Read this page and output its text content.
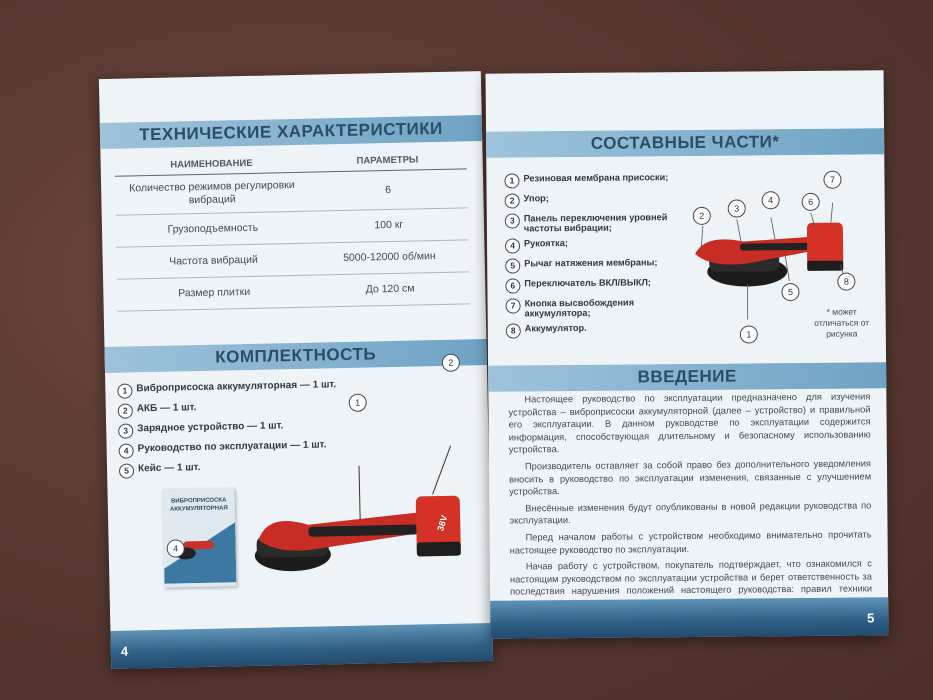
ТЕХНИЧЕСКИЕ ХАРАКТЕРИСТИКИ
НАИМЕНОВАНИЕ	ПАРАМЕТРЫ
Количество режимов регулировки вибраций	6
Грузоподъемность	100 кг
Частота вибраций	5000-12000 об/мин
Размер плитки	До 120 см
КОМПЛЕКТНОСТЬ
1 Виброприсоска аккумуляторная — 1 шт.
2 АКБ — 1 шт.
3 Зарядное устройство — 1 шт.
4 Руководство по эксплуатации — 1 шт.
5 Кейс — 1 шт.
ВИБРОПРИСОСКА АККУМУЛЯТОРНАЯ
4
38V
1
2
4
СОСТАВНЫЕ ЧАСТИ*
1 Резиновая мембрана присоски;
2 Упор;
3 Панель переключения уровней частоты вибрации;
4 Рукоятка;
5 Рычаг натяжения мембраны;
6 Переключатель ВКЛ/ВЫКЛ;
7 Кнопка высвобождения аккумулятора;
8 Аккумулятор.
7
2
3
4	6
5
8
1
* может отличаться от рисунка
ВВЕДЕНИЕ

Настоящее руководство по эксплуатации предназначено для изучения устройства – виброприсоски аккумуляторной (далее – устройство) и правильной его эксплуатации. В данном руководстве по эксплуатации содержится информация, способствующая длительному и безопасному использованию устройства.

Производитель оставляет за собой право без дополнительного уведомления вносить в руководство по эксплуатации изменения, связанные с улучшением устройства.

Внесённые изменения будут опубликованы в новой редакции руководства по эксплуатации.

Перед началом работы с устройством необходимо внимательно прочитать настоящее руководство по эксплуатации.

Начав работу с устройством, покупатель подтверждает, что ознакомился с настоящим руководством по эксплуатации устройства и берет ответственность за последствия нарушения положений настоящего руководства: правил техники

5
